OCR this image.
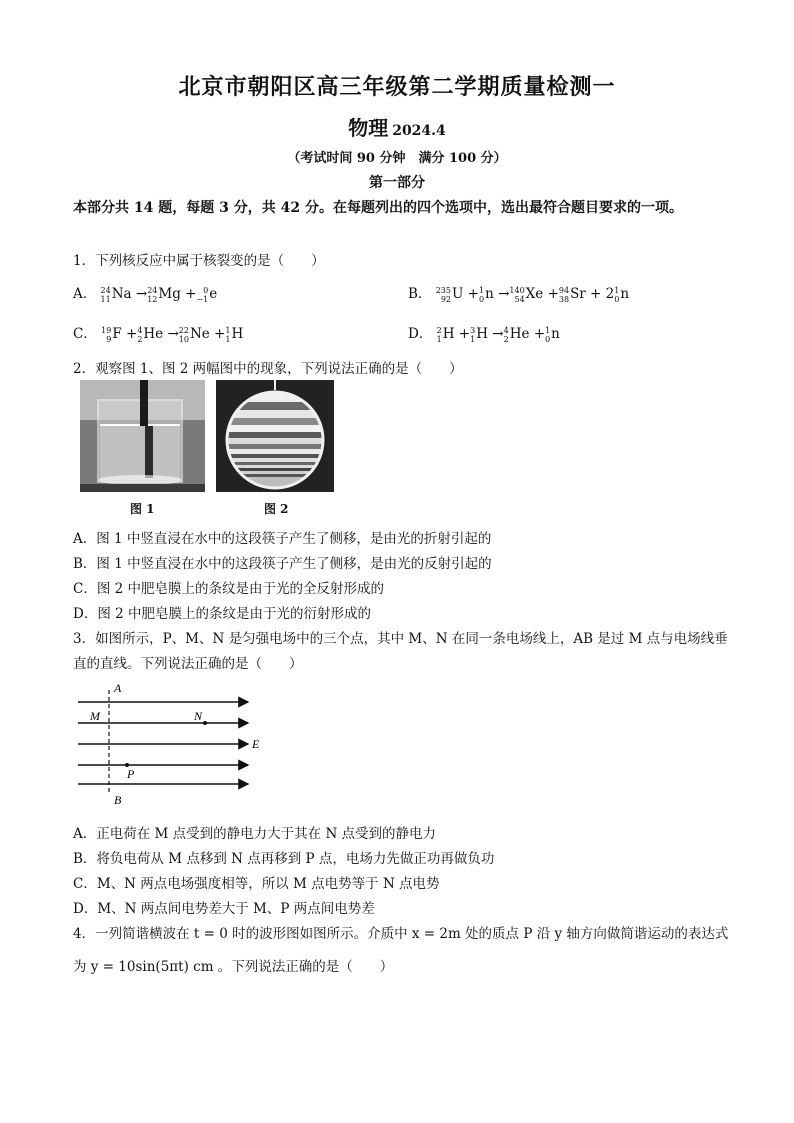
北京市朝阳区高三年级第二学期质量检测一
物理 2024.4
（考试时间 90 分钟　满分 100 分）
第一部分
本部分共 14 题，每题 3 分，共 42 分。在每题列出的四个选项中，选出最符合题目要求的一项。
1．下列核反应中属于核裂变的是（　　）
A． 24
11 Na → 24
12 Mg + 0
−1 e	B． 235
92 U + 1
0 n → 140
54 Xe + 94
38 Sr + 2 1
0 n
C． 19
9 F + 4
2 He → 22
10 Ne + 1
1 H	D． 2
1 H + 3
1 H → 4
2 He + 1
0 n
2．观察图 1、图 2 两幅图中的现象，下列说法正确的是（　　）
图 1	图 2
A．图 1 中竖直浸在水中的这段筷子产生了侧移，是由光的折射引起的
B．图 1 中竖直浸在水中的这段筷子产生了侧移，是由光的反射引起的
C．图 2 中肥皂膜上的条纹是由于光的全反射形成的
D．图 2 中肥皂膜上的条纹是由于光的衍射形成的
3．如图所示，P、M、N 是匀强电场中的三个点，其中 M、N 在同一条电场线上，AB 是过 M 点与电场线垂
直的直线。下列说法正确的是（　　）
A
B
M	N
E
P
A．正电荷在 M 点受到的静电力大于其在 N 点受到的静电力
B．将负电荷从 M 点移到 N 点再移到 P 点，电场力先做正功再做负功
C．M、N 两点电场强度相等，所以 M 点电势等于 N 点电势
D．M、N 两点间电势差大于 M、P 两点间电势差
4．一列简谐横波在 t = 0 时的波形图如图所示。介质中 x = 2m 处的质点 P 沿 y 轴方向做简谐运动的表达式
为 y = 10sin(5πt) cm 。下列说法正确的是（　　）
